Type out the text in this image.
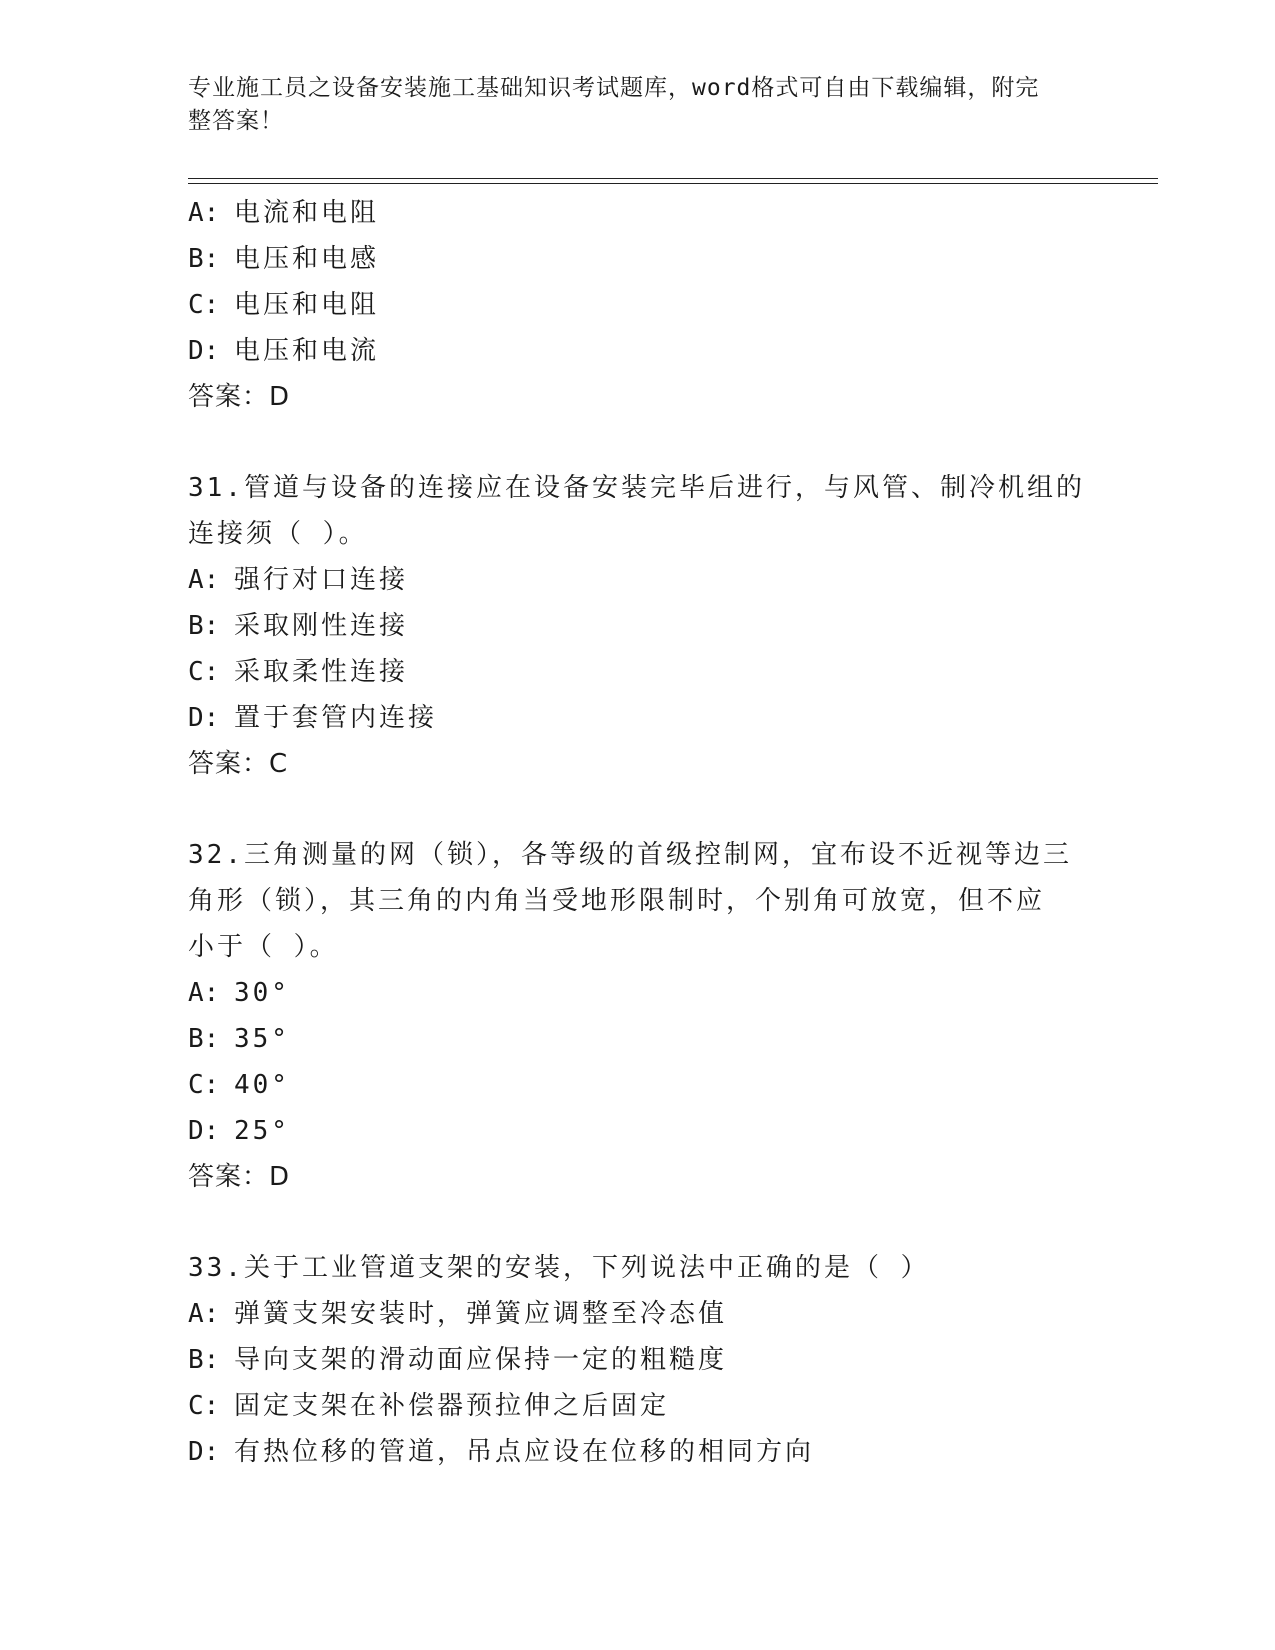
专业施工员之设备安装施工基础知识考试题库，word格式可自由下载编辑，附完
整答案！
A: 电流和电阻
B: 电压和电感
C: 电压和电阻
D: 电压和电流
答案：D
31.管道与设备的连接应在设备安装完毕后进行，与风管、制冷机组的
连接须（ ）。
A: 强行对口连接
B: 采取刚性连接
C: 采取柔性连接
D: 置于套管内连接
答案：C
32.三角测量的网（锁），各等级的首级控制网，宜布设不近视等边三
角形（锁），其三角的内角当受地形限制时，个别角可放宽，但不应
小于（ ）。
A: 30°
B: 35°
C: 40°
D: 25°
答案：D
33.关于工业管道支架的安装，下列说法中正确的是（ ）
A: 弹簧支架安装时，弹簧应调整至冷态值
B: 导向支架的滑动面应保持一定的粗糙度
C: 固定支架在补偿器预拉伸之后固定
D: 有热位移的管道，吊点应设在位移的相同方向
